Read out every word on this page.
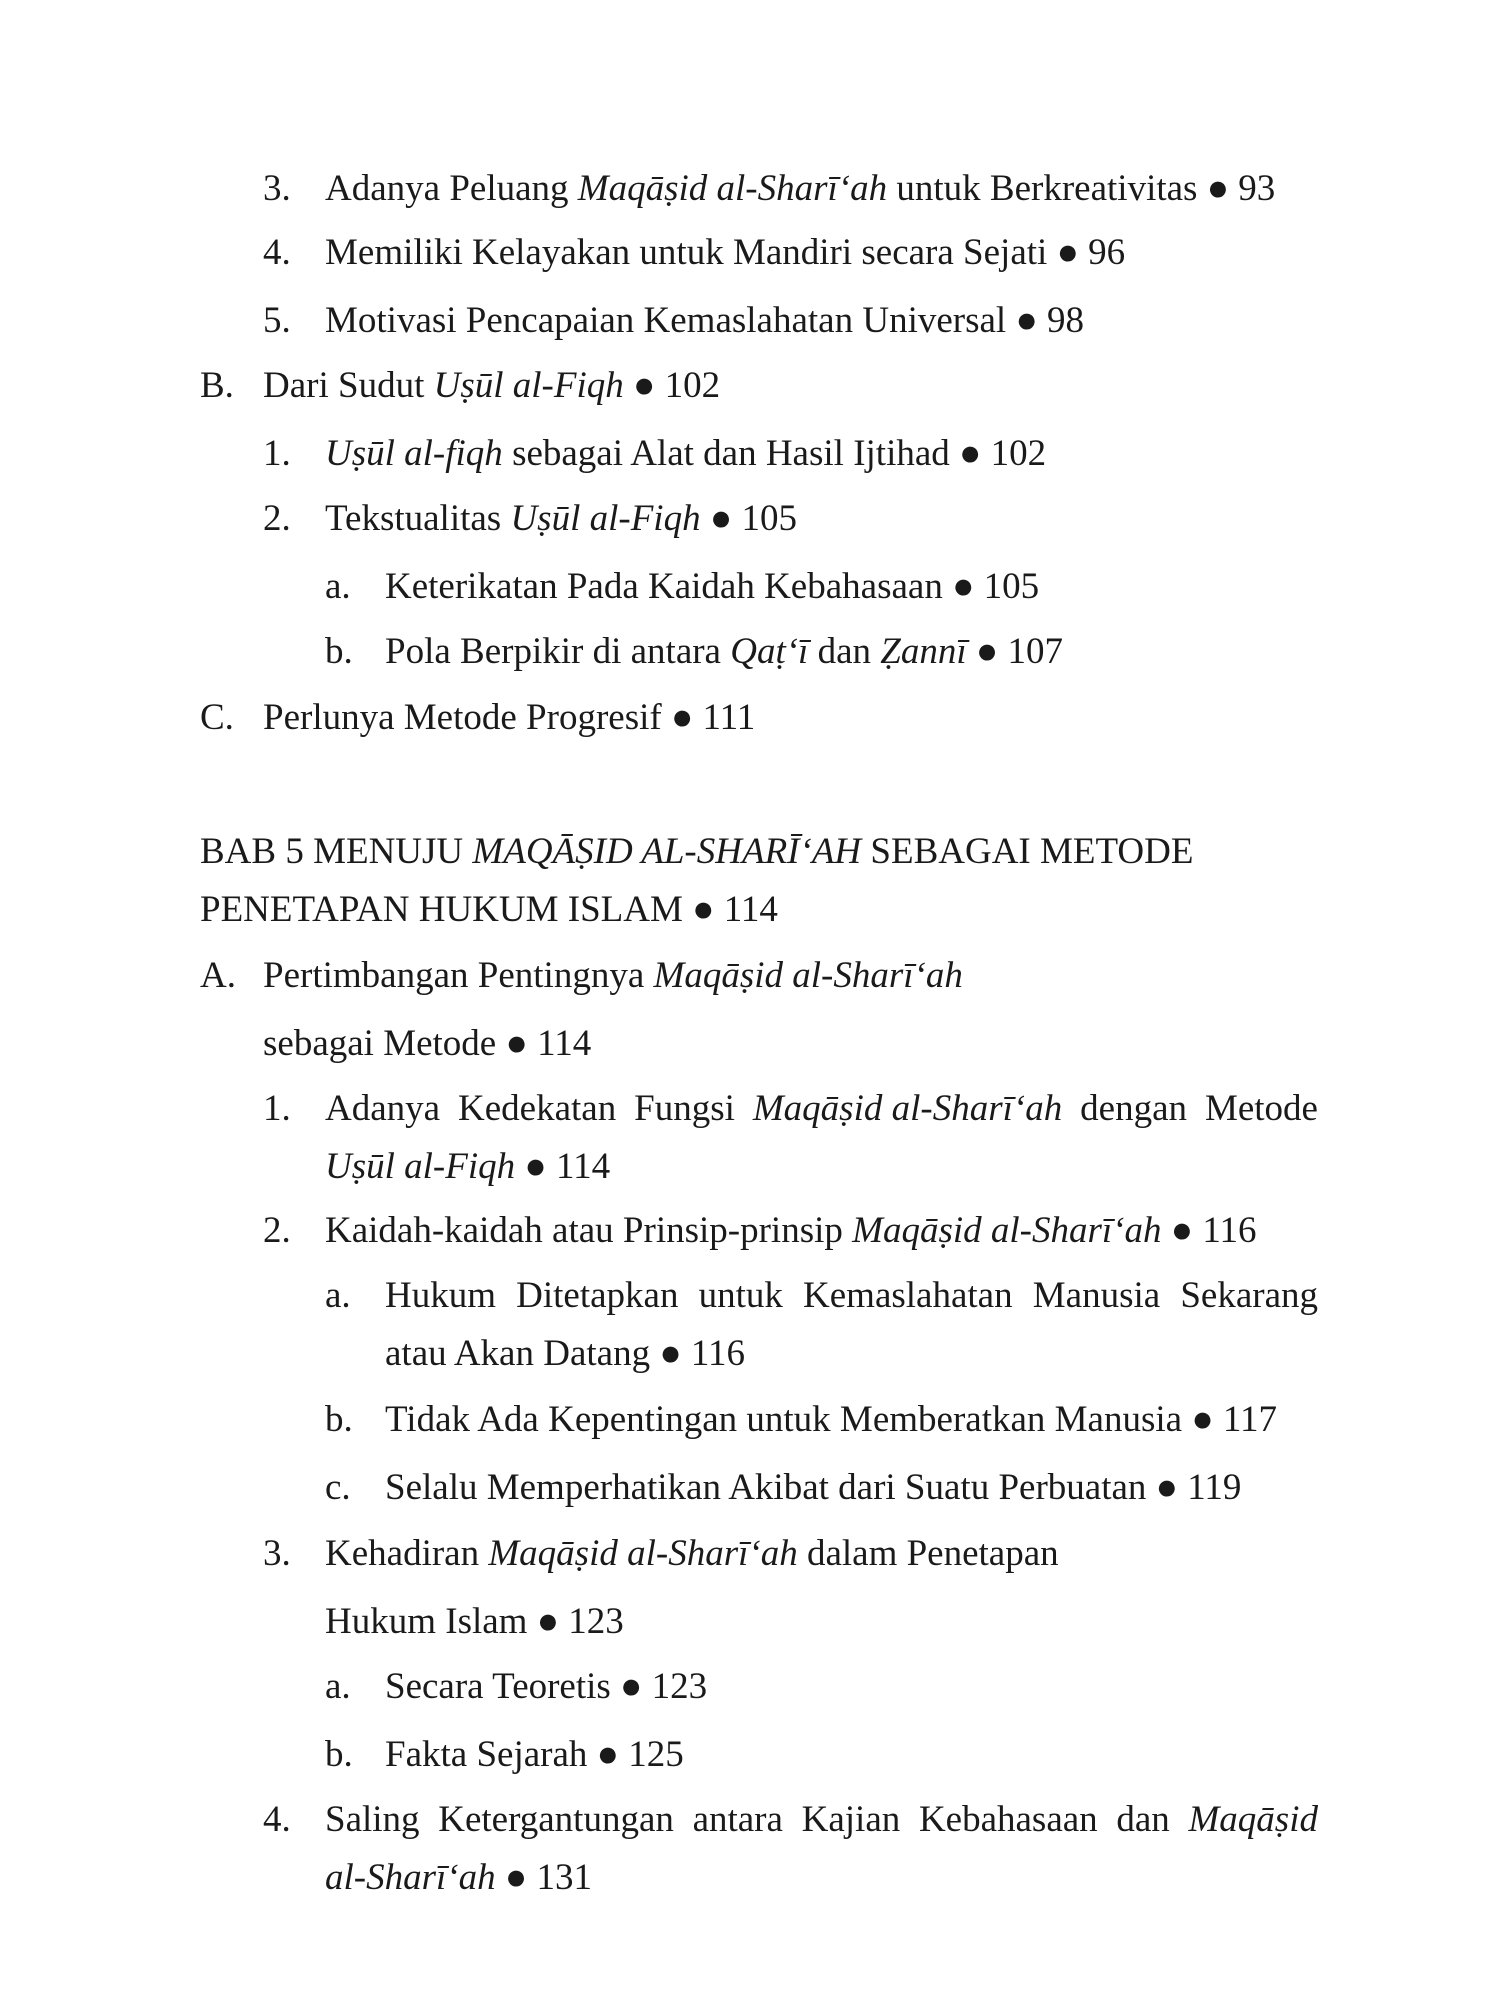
3. Adanya Peluang Maqāṣid al-Sharī‘ah untuk Berkreativitas ● 93
4. Memiliki Kelayakan untuk Mandiri secara Sejati ● 96
5. Motivasi Pencapaian Kemaslahatan Universal ● 98
B. Dari Sudut Uṣūl al-Fiqh ● 102
1. Uṣūl al-fiqh sebagai Alat dan Hasil Ijtihad ● 102
2. Tekstualitas Uṣūl al-Fiqh ● 105
a. Keterikatan Pada Kaidah Kebahasaan ● 105
b. Pola Berpikir di antara Qaṭ‘ī dan Ẓannī ● 107
C. Perlunya Metode Progresif ● 111
BAB 5 MENUJU MAQĀṢID AL-SHARĪ‘AH SEBAGAI METODE
PENETAPAN HUKUM ISLAM ● 114
A. Pertimbangan Pentingnya Maqāṣid al-Sharī‘ah
sebagai Metode ● 114
1. Adanya Kedekatan Fungsi Maqāṣid al-Sharī‘ah dengan Metode
Uṣūl al-Fiqh ● 114
2. Kaidah-kaidah atau Prinsip-prinsip Maqāṣid al-Sharī‘ah ● 116
a. Hukum Ditetapkan untuk Kemaslahatan Manusia Sekarang
atau Akan Datang ● 116
b. Tidak Ada Kepentingan untuk Memberatkan Manusia ● 117
c. Selalu Memperhatikan Akibat dari Suatu Perbuatan ● 119
3. Kehadiran Maqāṣid al-Sharī‘ah dalam Penetapan
Hukum Islam ● 123
a. Secara Teoretis ● 123
b. Fakta Sejarah ● 125
4. Saling Ketergantungan antara Kajian Kebahasaan dan Maqāṣid
al-Sharī‘ah ● 131
